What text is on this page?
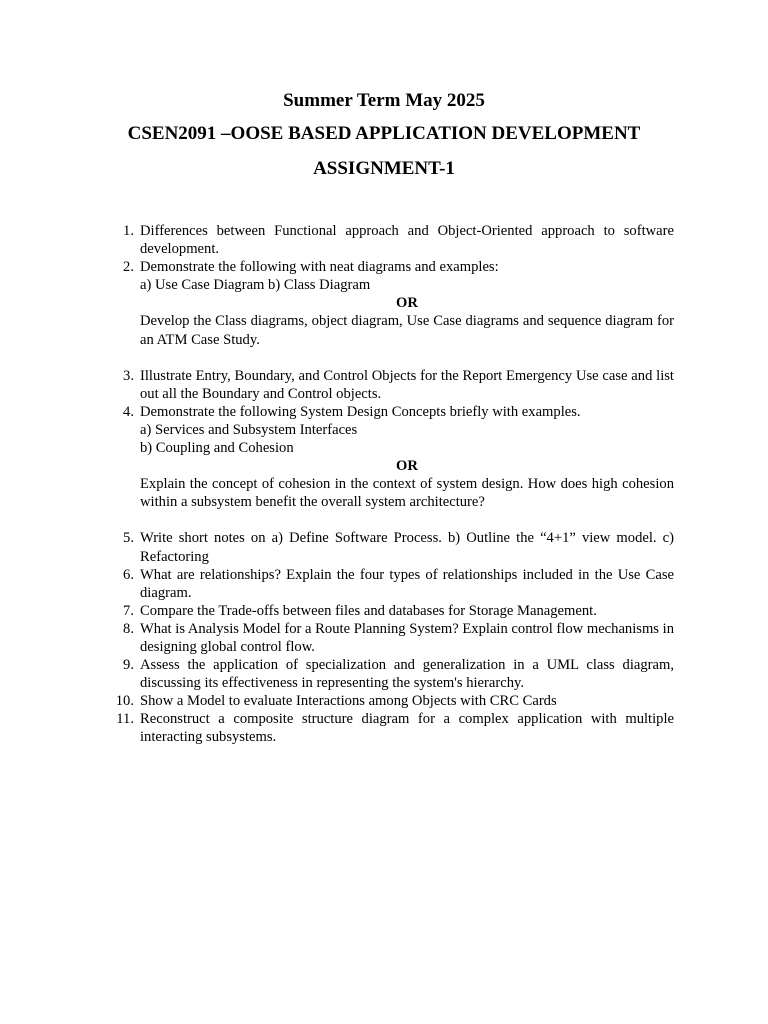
Summer Term May 2025
CSEN2091 –OOSE BASED APPLICATION DEVELOPMENT
ASSIGNMENT-1
1. Differences between Functional approach and Object-Oriented approach to software development.
2. Demonstrate the following with neat diagrams and examples:
a) Use Case Diagram b) Class Diagram
OR
Develop the Class diagrams, object diagram, Use Case diagrams and sequence diagram for an ATM Case Study.
3. Illustrate Entry, Boundary, and Control Objects for the Report Emergency Use case and list out all the Boundary and Control objects.
4. Demonstrate the following System Design Concepts briefly with examples.
a) Services and Subsystem Interfaces
b) Coupling and Cohesion
OR
Explain the concept of cohesion in the context of system design. How does high cohesion within a subsystem benefit the overall system architecture?
5. Write short notes on a) Define Software Process. b) Outline the “4+1” view model. c) Refactoring
6. What are relationships? Explain the four types of relationships included in the Use Case diagram.
7. Compare the Trade-offs between files and databases for Storage Management.
8. What is Analysis Model for a Route Planning System? Explain control flow mechanisms in designing global control flow.
9. Assess the application of specialization and generalization in a UML class diagram, discussing its effectiveness in representing the system's hierarchy.
10. Show a Model to evaluate Interactions among Objects with CRC Cards
11. Reconstruct a composite structure diagram for a complex application with multiple interacting subsystems.
